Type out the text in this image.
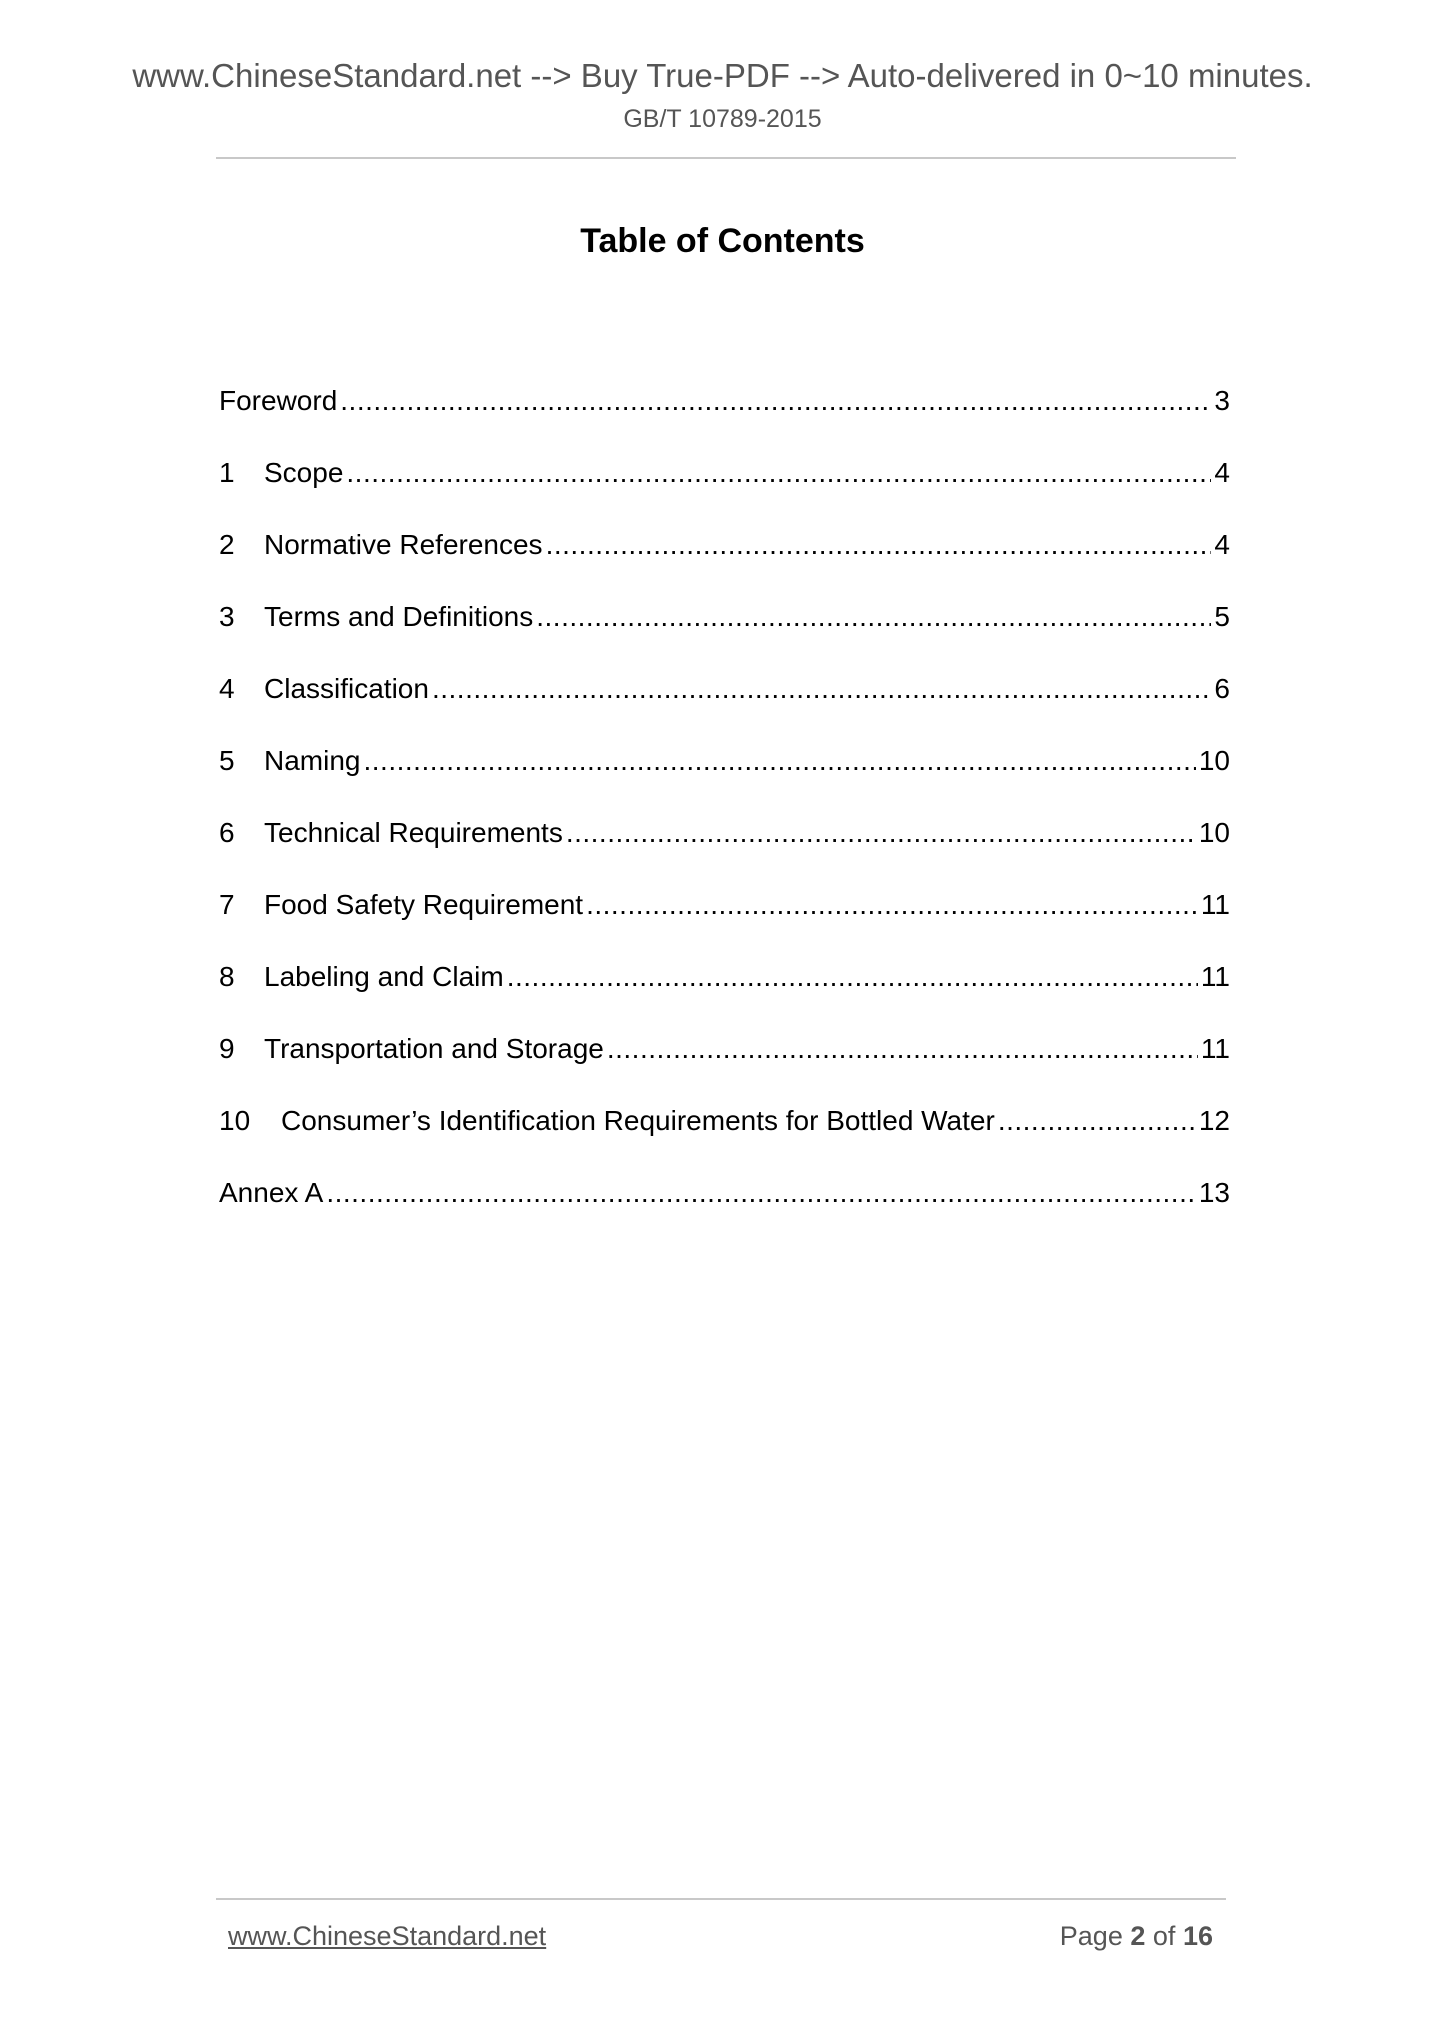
www.ChineseStandard.net --> Buy True-PDF --> Auto-delivered in 0~10 minutes.
GB/T 10789-2015
Table of Contents
Foreword .....	3
1	Scope .....	4
2	Normative References .....	4
3	Terms and Definitions .....	5
4	Classification .....	6
5	Naming .....	10
6	Technical Requirements .....	10
7	Food Safety Requirement .....	11
8	Labeling and Claim .....	11
9	Transportation and Storage .....	11
10	Consumer’s Identification Requirements for Bottled Water .....	12
Annex A .....	13
www.ChineseStandard.net	Page 2 of 16
